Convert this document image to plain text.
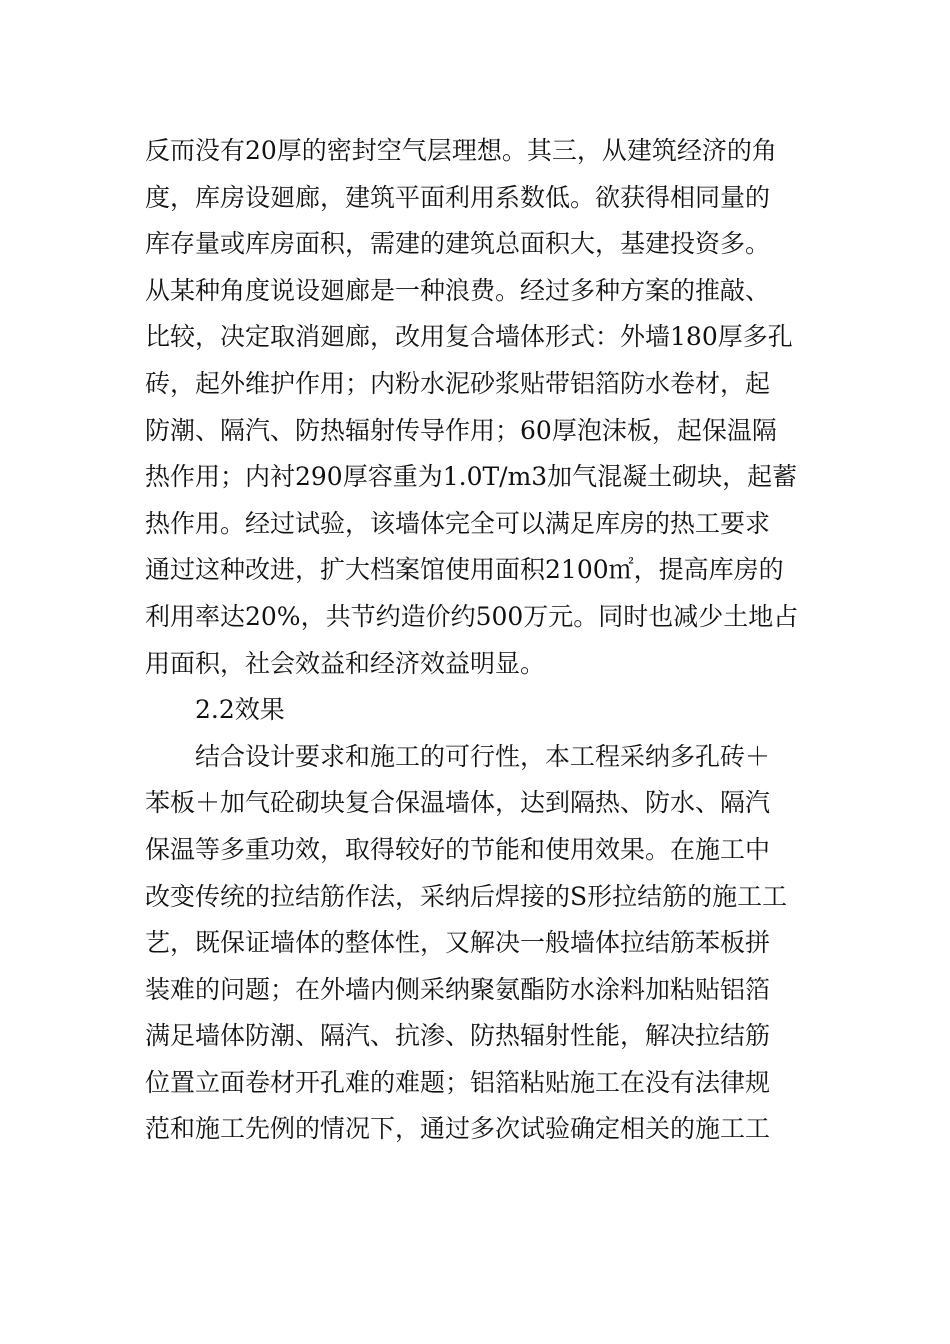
反而没有20厚的密封空气层理想。其三，从建筑经济的角
度，库房设廻廊，建筑平面利用系数低。欲获得相同量的
库存量或库房面积，需建的建筑总面积大，基建投资多。
从某种角度说设廻廊是一种浪费。经过多种方案的推敲、
比较，决定取消廻廊，改用复合墙体形式：外墙180厚多孔
砖，起外维护作用；内粉水泥砂浆贴带铝箔防水卷材，起
防潮、隔汽、防热辐射传导作用；60厚泡沫板，起保温隔
热作用；内衬290厚容重为1.0T/m3加气混凝土砌块，起蓄
热作用。经过试验，该墙体完全可以满足库房的热工要求
通过这种改进，扩大档案馆使用面积2100㎡，提高库房的
利用率达20%，共节约造价约500万元。同时也减少土地占
用面积，社会效益和经济效益明显。
2.2效果
结合设计要求和施工的可行性，本工程采纳多孔砖＋
苯板＋加气砼砌块复合保温墙体，达到隔热、防水、隔汽
保温等多重功效，取得较好的节能和使用效果。在施工中
改变传统的拉结筋作法，采纳后焊接的S形拉结筋的施工工
艺，既保证墙体的整体性，又解决一般墙体拉结筋苯板拼
装难的问题；在外墙内侧采纳聚氨酯防水涂料加粘贴铝箔
满足墙体防潮、隔汽、抗渗、防热辐射性能，解决拉结筋
位置立面卷材开孔难的难题；铝箔粘贴施工在没有法律规
范和施工先例的情况下，通过多次试验确定相关的施工工
